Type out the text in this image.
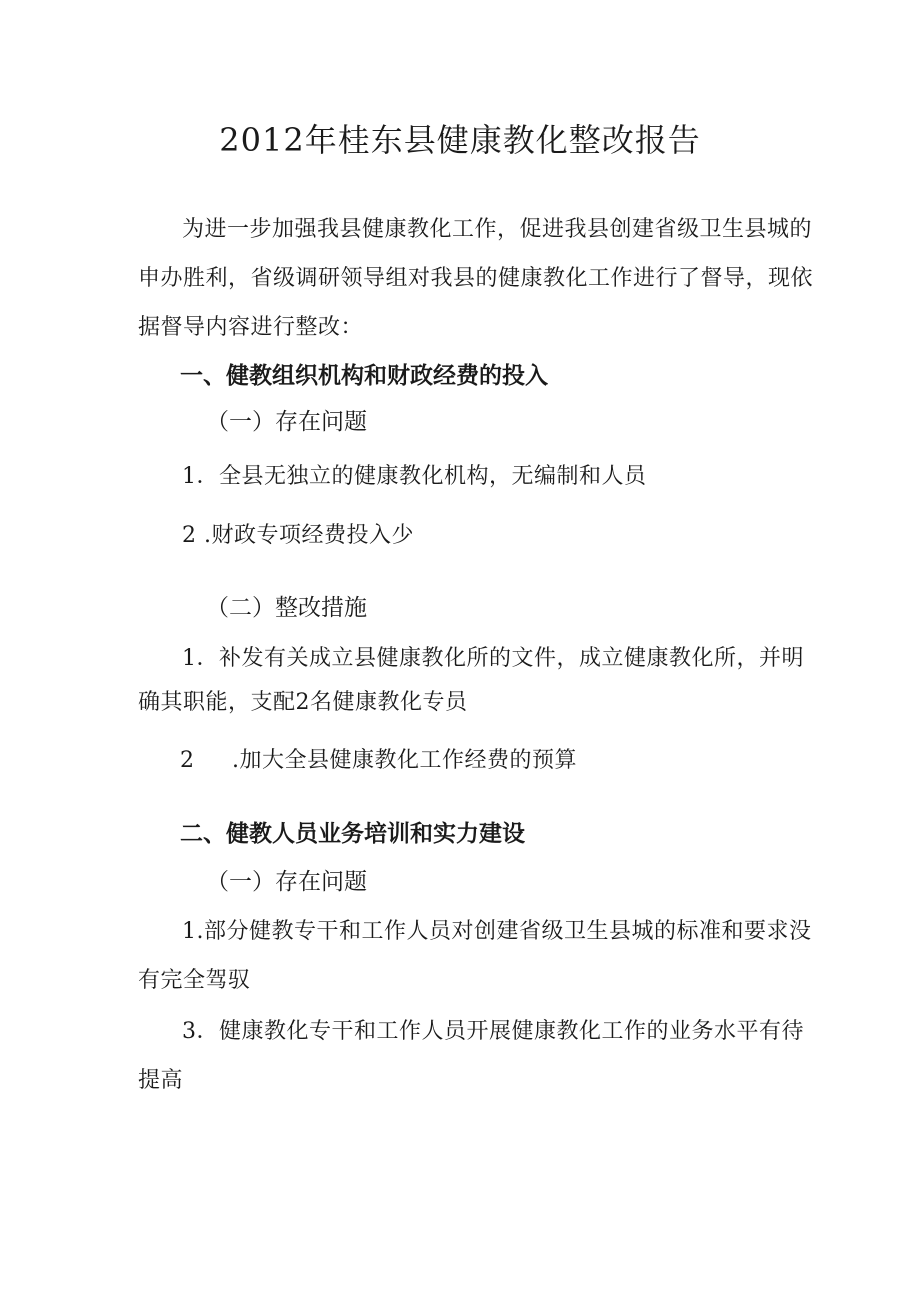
2012年桂东县健康教化整改报告
为进一步加强我县健康教化工作，促进我县创建省级卫生县城的
申办胜利，省级调研领导组对我县的健康教化工作进行了督导，现依
据督导内容进行整改：
一、健教组织机构和财政经费的投入
（一）存在问题
1．全县无独立的健康教化机构，无编制和人员
2 .财政专项经费投入少
（二）整改措施
1．补发有关成立县健康教化所的文件，成立健康教化所，并明
确其职能，支配2名健康教化专员
2 .加大全县健康教化工作经费的预算
二、健教人员业务培训和实力建设
（一）存在问题
1.部分健教专干和工作人员对创建省级卫生县城的标准和要求没
有完全驾驭
3．健康教化专干和工作人员开展健康教化工作的业务水平有待
提高
